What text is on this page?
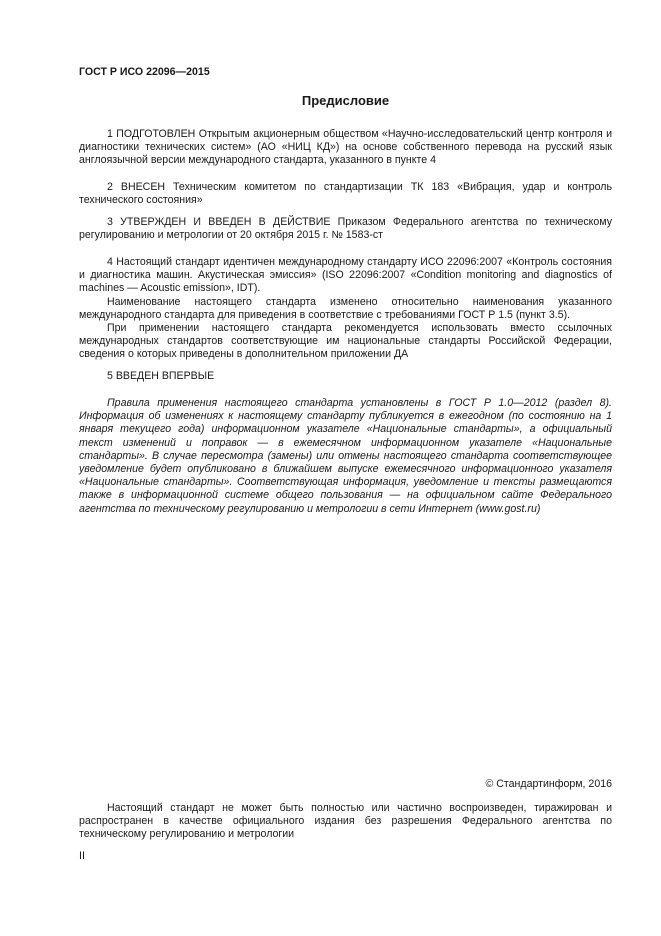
ГОСТ Р ИСО 22096—2015
Предисловие

1 ПОДГОТОВЛЕН Открытым акционерным обществом «Научно-исследовательский центр контроля и диагностики технических систем» (АО «НИЦ КД») на основе собственного перевода на русский язык англоязычной версии международного стандарта, указанного в пункте 4

2 ВНЕСЕН Техническим комитетом по стандартизации ТК 183 «Вибрация, удар и контроль технического состояния»

3 УТВЕРЖДЕН И ВВЕДЕН В ДЕЙСТВИЕ Приказом Федерального агентства по техническому регулированию и метрологии от 20 октября 2015 г. № 1583-ст

4 Настоящий стандарт идентичен международному стандарту ИСО 22096:2007 «Контроль состояния и диагностика машин. Акустическая эмиссия» (ISO 22096:2007 «Condition monitoring and diagnostics of machines — Acoustic emission», IDT).

Наименование настоящего стандарта изменено относительно наименования указанного международного стандарта для приведения в соответствие с требованиями ГОСТ Р 1.5 (пункт 3.5).

При применении настоящего стандарта рекомендуется использовать вместо ссылочных международных стандартов соответствующие им национальные стандарты Российской Федерации, сведения о которых приведены в дополнительном приложении ДА

5 ВВЕДЕН ВПЕРВЫЕ

Правила применения настоящего стандарта установлены в ГОСТ Р 1.0—2012 (раздел 8). Информация об изменениях к настоящему стандарту публикуется в ежегодном (по состоянию на 1 января текущего года) информационном указателе «Национальные стандарты», а официальный текст изменений и поправок — в ежемесячном информационном указателе «Национальные стандарты». В случае пересмотра (замены) или отмены настоящего стандарта соответствующее уведомление будет опубликовано в ближайшем выпуске ежемесячного информационного указателя «Национальные стандарты». Соответствующая информация, уведомление и тексты размещаются также в информационной системе общего пользования — на официальном сайте Федерального агентства по техническому регулированию и метрологии в сети Интернет (www.gost.ru)

© Стандартинформ, 2016

Настоящий стандарт не может быть полностью или частично воспроизведен, тиражирован и распространен в качестве официального издания без разрешения Федерального агентства по техническому регулированию и метрологии

II
